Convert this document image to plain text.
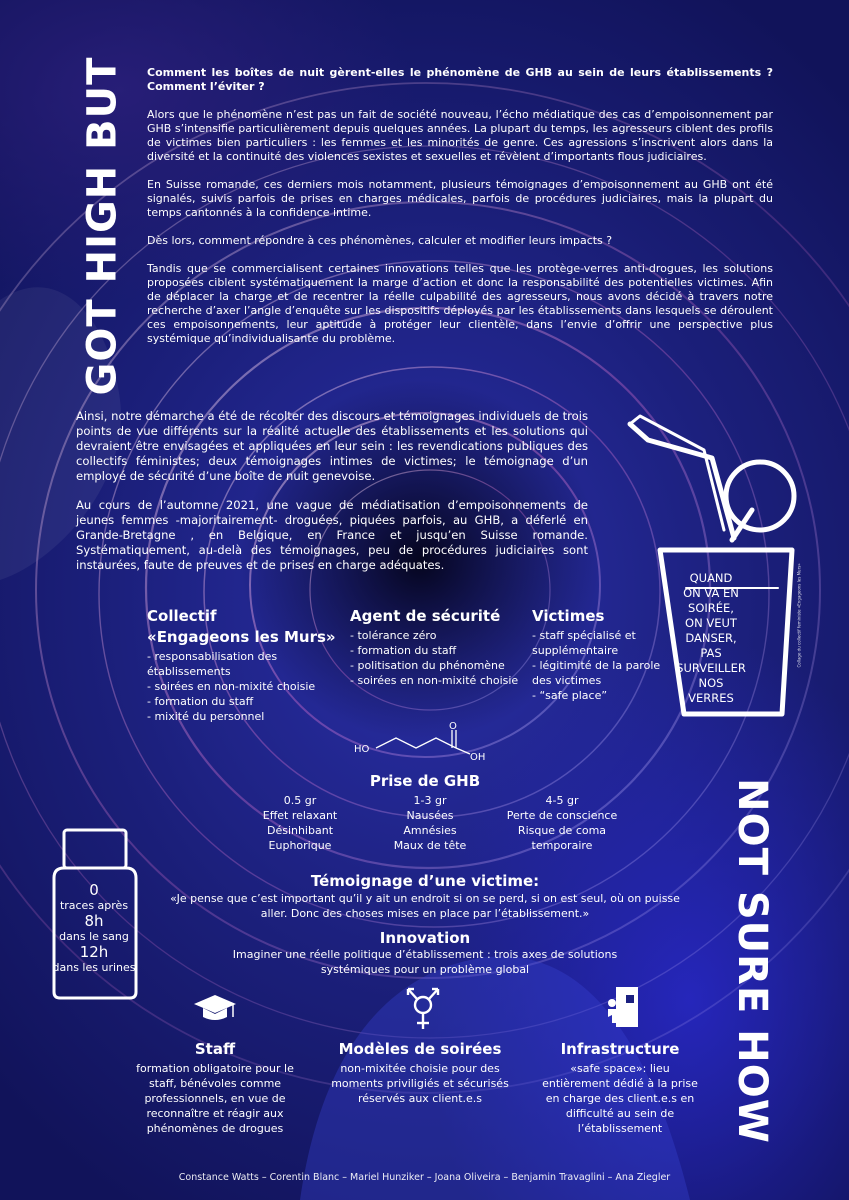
GOT HIGH BUT
NOT SURE HOW

Comment les boîtes de nuit gèrent-elles le phénomène de GHB au sein de leurs établissements ? Comment l’éviter ?

Alors que le phénomène n’est pas un fait de société nouveau, l’écho médiatique des cas d’empoisonnement par GHB s’intensifie particulièrement depuis quelques années. La plupart du temps, les agresseurs ciblent des profils de victimes bien particuliers : les femmes et les minorités de genre. Ces agressions s’inscrivent alors dans la diversité et la continuité des violences sexistes et sexuelles et révèlent d’importants flous judiciaires.

En Suisse romande, ces derniers mois notamment, plusieurs témoignages d’empoisonnement au GHB ont été signalés, suivis parfois de prises en charges médicales, parfois de procédures judiciaires, mais la plupart du temps cantonnés à la confidence intime.

Dès lors, comment répondre à ces phénomènes, calculer et modifier leurs impacts ?

Tandis que se commercialisent certaines innovations telles que les protège-verres anti-drogues, les solutions proposées ciblent systématiquement la marge d’action et donc la responsabilité des potentielles victimes. Afin de déplacer la charge et de recentrer la réelle culpabilité des agresseurs, nous avons décidé à travers notre recherche d’axer l’angle d’enquête sur les dispositifs déployés par les établissements dans lesquels se déroulent ces empoisonnements, leur aptitude à protéger leur clientèle, dans l’envie d’offrir une perspective plus systémique qu’individualisante du problème.

Ainsi, notre démarche a été de récolter des discours et témoignages individuels de trois points de vue différents sur la réalité actuelle des établissements et les solutions qui devraient être envisagées et appliquées en leur sein : les revendications publiques des collectifs féministes; deux témoignages intimes de victimes; le témoignage d’un employé de sécurité d’une boîte de nuit genevoise.

Au cours de l’automne 2021, une vague de médiatisation d’empoisonnements de jeunes femmes -majoritairement- droguées, piquées parfois, au GHB, a déferlé en Grande-Bretagne , en Belgique, en France et jusqu’en Suisse romande. Systématiquement, au-delà des témoignages, peu de procédures judiciaires sont instaurées, faute de preuves et de prises en charge adéquates.

QUAND
ON VA EN
SOIRÉE,
ON VEUT
DANSER,
PAS
SURVEILLER
NOS
VERRES
Collage du collectif feministe «Engageons les Murs»
Collectif
«Engageons les Murs»
- responsabilisation des établissements
- soirées en non-mixité choisie
- formation du staff
- mixité du personnel
Agent de sécurité
- tolérance zéro
- formation du staff
- politisation du phénomène
- soirées en non-mixité choisie
Victimes
- staff spécialisé et supplémentaire
- légitimité de la parole des victimes
- “safe place”
HO
O
OH
Prise de GHB
0.5 gr
Effet relaxant
Désinhibant
Euphorique
1-3 gr
Nausées
Amnésies
Maux de tête
4-5 gr
Perte de conscience
Risque de coma
temporaire
0
traces après
8h
dans le sang
12h
dans les urines
Témoignage d’une victime:
«Je pense que c’est important qu’il y ait un endroit si on se perd, si on est seul, où on puisse aller. Donc des choses mises en place par l’établissement.»
Innovation
Imaginer une réelle politique d’établissement : trois axes de solutions systémiques pour un problème global
Staff
formation obligatoire pour le staff, bénévoles comme professionnels, en vue de reconnaître et réagir aux phénomènes de drogues
Modèles de soirées
non-mixitée choisie pour des moments priviligiés et sécurisés réservés aux client.e.s
Infrastructure
«safe space»: lieu entièrement dédié à la prise en charge des client.e.s en difficulté au sein de l’établissement
Constance Watts – Corentin Blanc – Mariel Hunziker – Joana Oliveira – Benjamin Travaglini – Ana Ziegler
